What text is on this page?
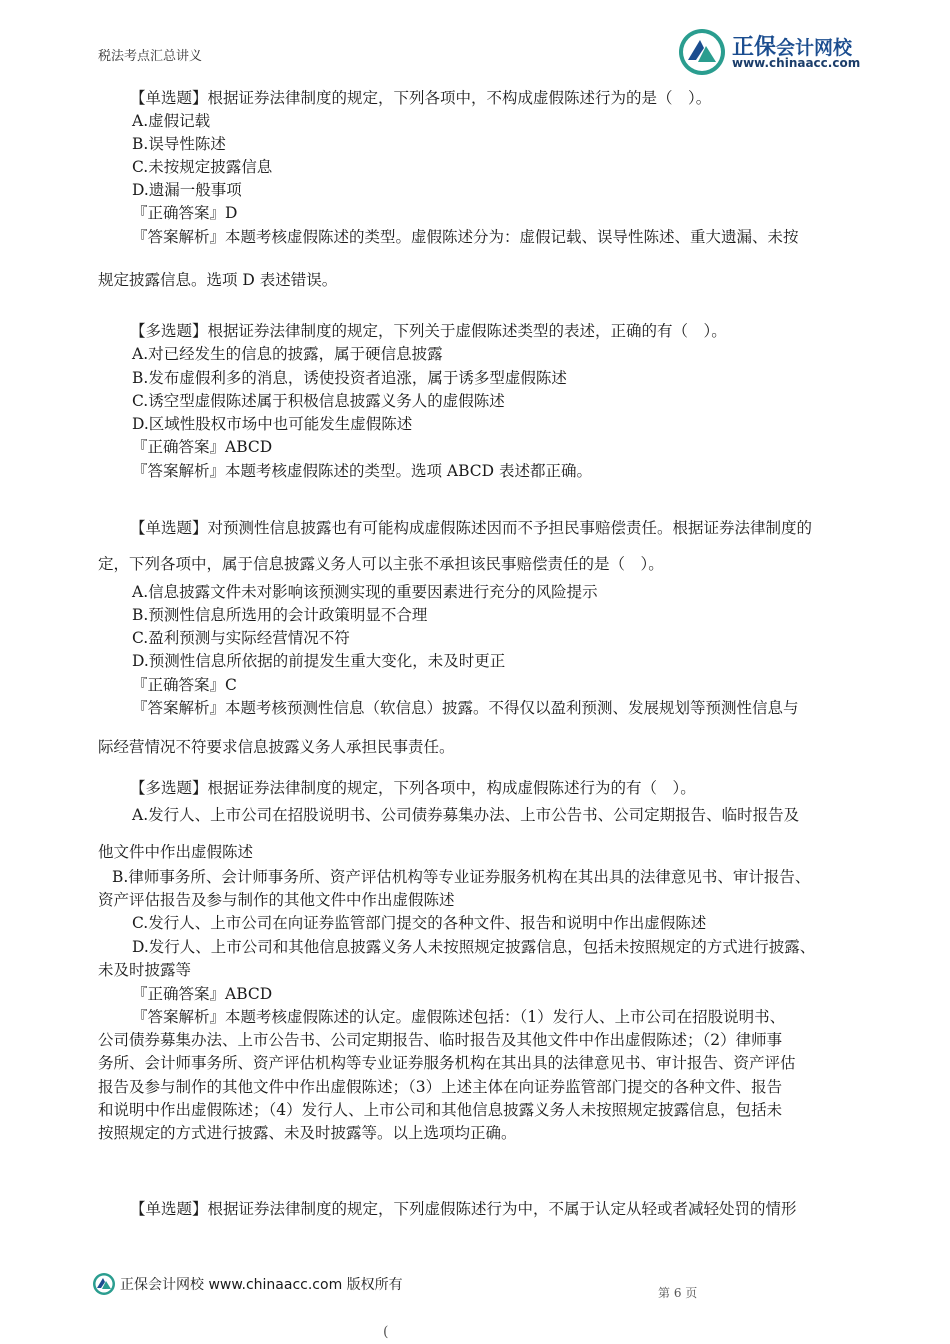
税法考点汇总讲义	正保会计网校
www.chinaacc.com
【单选题】根据证券法律制度的规定，下列各项中，不构成虚假陈述行为的是（　）。
A.虚假记载
B.误导性陈述
C.未按规定披露信息
D.遗漏一般事项
『正确答案』D
『答案解析』本题考核虚假陈述的类型。虚假陈述分为：虚假记载、误导性陈述、重大遗漏、未按
规定披露信息。选项 D 表述错误。
【多选题】根据证券法律制度的规定，下列关于虚假陈述类型的表述，正确的有（　）。
A.对已经发生的信息的披露，属于硬信息披露
B.发布虚假利多的消息，诱使投资者追涨，属于诱多型虚假陈述
C.诱空型虚假陈述属于积极信息披露义务人的虚假陈述
D.区域性股权市场中也可能发生虚假陈述
『正确答案』ABCD
『答案解析』本题考核虚假陈述的类型。选项 ABCD 表述都正确。
【单选题】对预测性信息披露也有可能构成虚假陈述因而不予担民事赔偿责任。根据证券法律制度的
定，下列各项中，属于信息披露义务人可以主张不承担该民事赔偿责任的是（　）。
A.信息披露文件未对影响该预测实现的重要因素进行充分的风险提示
B.预测性信息所选用的会计政策明显不合理
C.盈利预测与实际经营情况不符
D.预测性信息所依据的前提发生重大变化，未及时更正
『正确答案』C
『答案解析』本题考核预测性信息（软信息）披露。不得仅以盈利预测、发展规划等预测性信息与
际经营情况不符要求信息披露义务人承担民事责任。
【多选题】根据证券法律制度的规定，下列各项中，构成虚假陈述行为的有（　）。
A.发行人、上市公司在招股说明书、公司债券募集办法、上市公告书、公司定期报告、临时报告及
他文件中作出虚假陈述
B.律师事务所、会计师事务所、资产评估机构等专业证券服务机构在其出具的法律意见书、审计报告、
资产评估报告及参与制作的其他文件中作出虚假陈述
C.发行人、上市公司在向证券监管部门提交的各种文件、报告和说明中作出虚假陈述
D.发行人、上市公司和其他信息披露义务人未按照规定披露信息，包括未按照规定的方式进行披露、
未及时披露等
『正确答案』ABCD
『答案解析』本题考核虚假陈述的认定。虚假陈述包括：（1）发行人、上市公司在招股说明书、
公司债券募集办法、上市公告书、公司定期报告、临时报告及其他文件中作出虚假陈述；（2）律师事
务所、会计师事务所、资产评估机构等专业证券服务机构在其出具的法律意见书、审计报告、资产评估
报告及参与制作的其他文件中作出虚假陈述；（3）上述主体在向证券监管部门提交的各种文件、报告
和说明中作出虚假陈述；（4）发行人、上市公司和其他信息披露义务人未按照规定披露信息，包括未
按照规定的方式进行披露、未及时披露等。以上选项均正确。
【单选题】根据证券法律制度的规定，下列虚假陈述行为中，不属于认定从轻或者减轻处罚的情形
正保会计网校 www.chinaacc.com 版权所有	第 6 页
(
